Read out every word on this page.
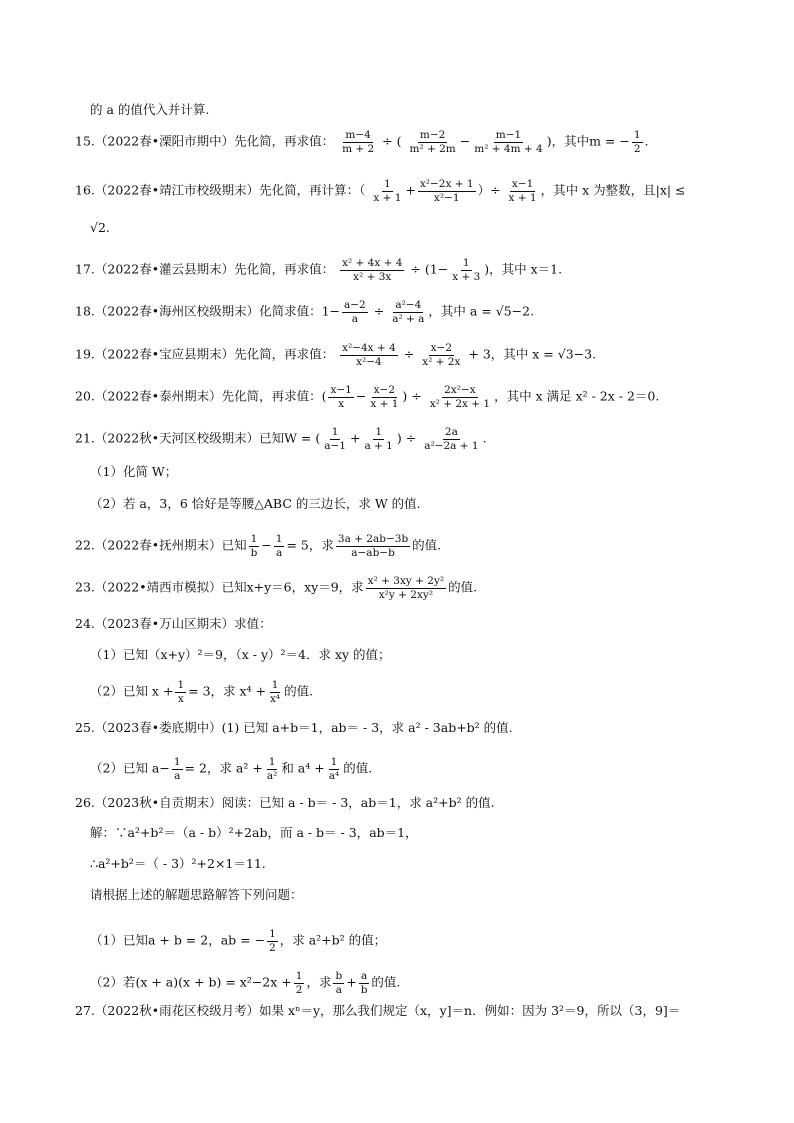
的 a 的值代入并计算.
15.（2022春•溧阳市期中）先化简，再求值： $\frac{m-4}{m + 2}$ ÷ ( $\frac{m-2}{\text{m² + 2m}} - \frac{m-1}{\text{m² + 4m + 4}}$ )，其中m = − $\frac{1}{2}$ .
16.（2022春•靖江市校级期末）先化简，再计算：（ $\frac{1}{x + 1} + \frac{\text{x²−2x + 1}}{\text{x²−1}}$ ）÷ $\frac{x-1}{x + 1}$ ，其中 x 为整数，且|x| ≤
√2.
17.（2022春•灌云县期末）先化简，再求值： $\frac{\text{x² + 4x + 4}}{\text{x² + 3x}} \div (1- \frac{1}{x + 3}$ )，其中 x＝1.
18.（2022春•海州区校级期末）化简求值：$1- \frac{a-2}{a} \div \frac{\text{a²−4}}{\text{a² + a}}$ ，其中 a = √5−2.
19.（2022春•宝应县期末）先化简，再求值： $\frac{\text{x²−4x + 4}}{\text{x²−4}} \div \frac{x-2}{\text{x² + 2x}} + 3$，其中 x = √3−3.
20.（2022春•泰州期末）先化简，再求值：( $\frac{x-1}{x} - \frac{x-2}{x + 1}$ ) ÷ $\frac{\text{2x²−x}}{\text{x² + 2x + 1}}$ ，其中 x 满足 x² - 2x - 2＝0.
21.（2022秋•天河区校级期末）已知W = ( $\frac{1}{a-1} + \frac{1}{a + 1}$ ) ÷ $\frac{2a}{\text{a²−2a + 1}}$ .
（1）化简 W；
（2）若 a，3，6 恰好是等腰△ABC 的三边长，求 W 的值.
22.（2022春•抚州期末）已知 $\frac{1}{b} - \frac{1}{a} = 5$，求 $\frac{3a + 2ab-3b}{a-ab-b}$ 的值.
23.（2022•靖西市模拟）已知x+y＝6，xy＝9，求 $\frac{\text{x² + 3xy + 2y²}}{\text{x²y + 2xy²}}$ 的值.
24.（2023春•万山区期末）求值：
（1）已知（x+y）²＝9，（x - y）²＝4．求 xy 的值；
（2）已知 $x + \frac{1}{x} = 3$，求 $x^4 + \frac{1}{\text{x⁴}}$ 的值.
25.（2023春•娄底期中）(1) 已知 a+b＝1，ab＝ - 3，求 a² - 3ab+b² 的值.
（2）已知 $a- \frac{1}{a} = 2$，求 $a^2 + \frac{1}{\text{a²}}$ 和 $a^4 + \frac{1}{\text{a⁴}}$ 的值.
26.（2023秋•自贡期末）阅读：已知 a - b＝ - 3，ab＝1，求 a²+b² 的值.
解：∵a²+b²＝（a - b）²+2ab，而 a - b＝ - 3，ab＝1，
∴a²+b²＝（ - 3）²+2×1＝11.
请根据上述的解题思路解答下列问题：
（1）已知a + b = 2，ab = − $\frac{1}{2}$ ，求 a²+b² 的值；
（2）若$(x + a)(x + b) = x^2-2x + \frac{1}{2}$ ，求 $\frac{b}{a} + \frac{a}{b}$ 的值.
27.（2022秋•雨花区校级月考）如果 xⁿ＝y，那么我们规定（x，y]＝n．例如：因为 3²＝9，所以（3，9]＝
